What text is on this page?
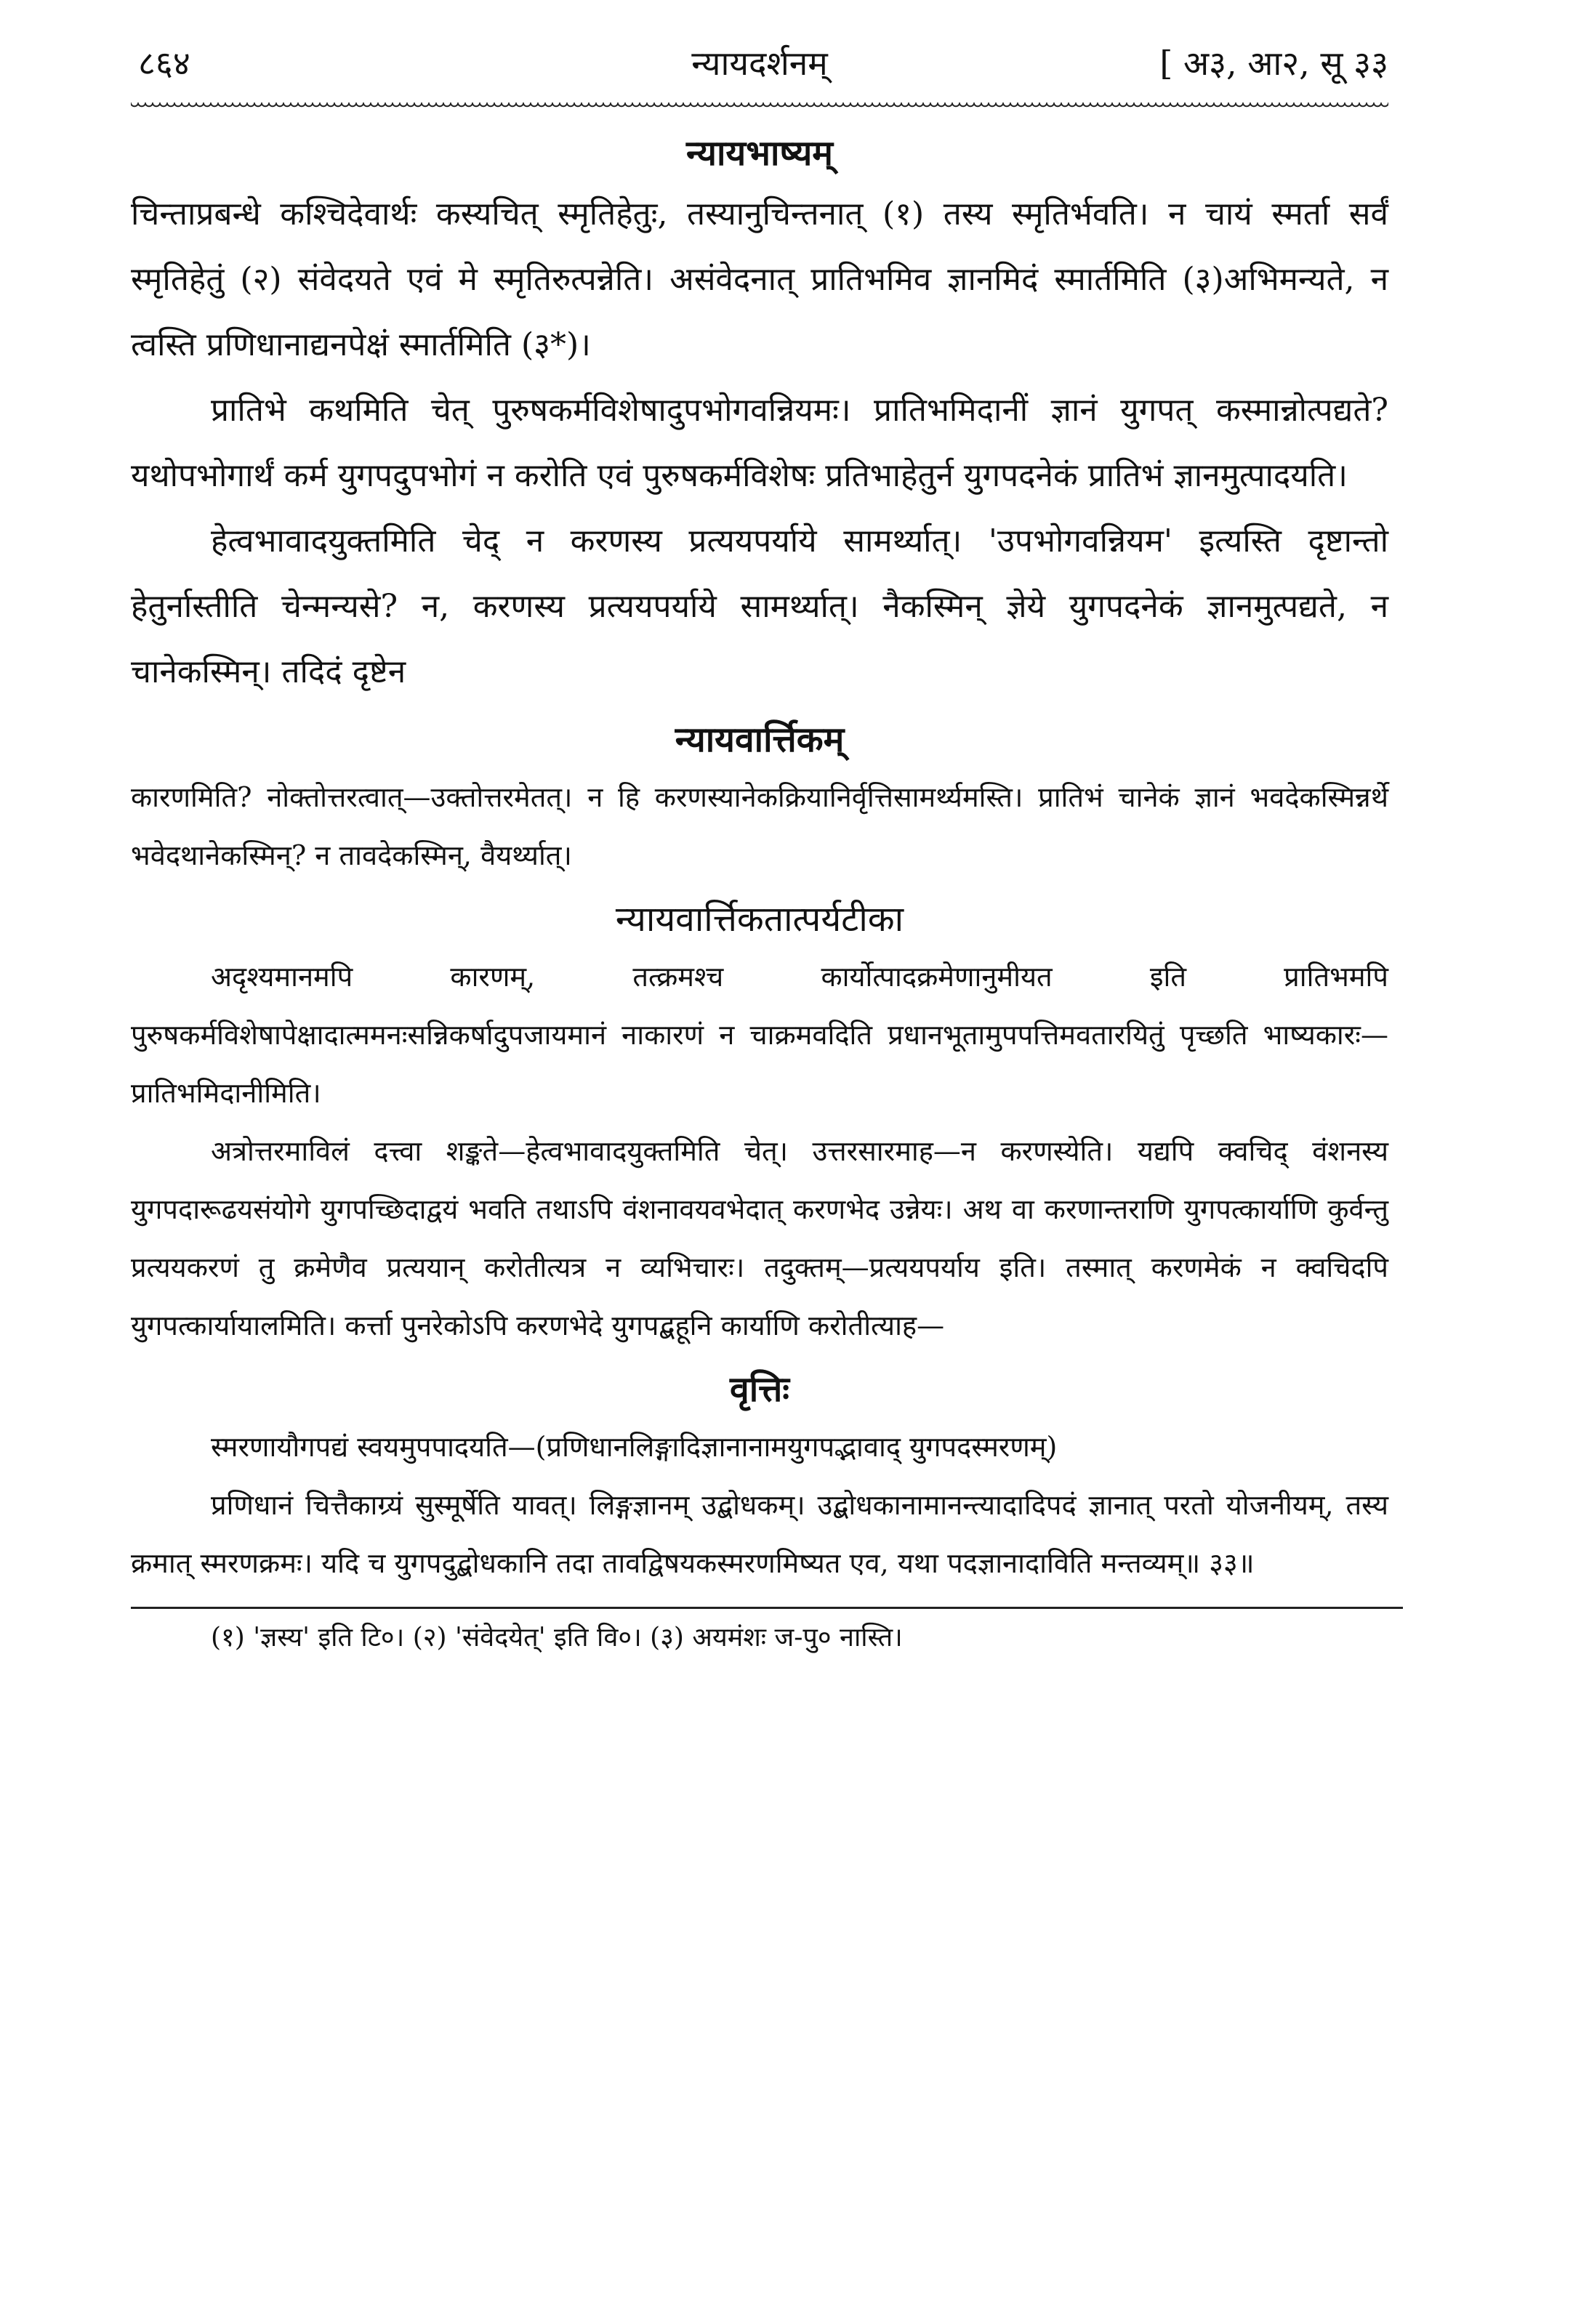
८६४	न्यायदर्शनम्	[ अ३, आ२, सू ३३
न्यायभाष्यम्

चिन्ताप्रबन्धे कश्चिदेवार्थः कस्यचित् स्मृतिहेतुः, तस्यानुचिन्तनात् (१) तस्य स्मृतिर्भवति। न चायं स्मर्ता सर्वं स्मृतिहेतुं (२) संवेदयते एवं मे स्मृतिरुत्पन्नेति। असंवेदनात् प्रातिभमिव ज्ञानमिदं स्मार्तमिति (३)अभिमन्यते, न त्वस्ति प्रणिधानाद्यनपेक्षं स्मार्तमिति (३*)।

प्रातिभे कथमिति चेत् पुरुषकर्मविशेषादुपभोगवन्नियमः। प्रातिभमिदानीं ज्ञानं युगपत् कस्मान्नोत्पद्यते? यथोपभोगार्थं कर्म युगपदुपभोगं न करोति एवं पुरुषकर्मविशेषः प्रतिभाहेतुर्न युगपदनेकं प्रातिभं ज्ञानमुत्पादयति।

हेत्वभावादयुक्तमिति चेद् न करणस्य प्रत्ययपर्याये सामर्थ्यात्। 'उपभोगवन्नियम' इत्यस्ति दृष्टान्तो हेतुर्नास्तीति चेन्मन्यसे? न, करणस्य प्रत्ययपर्याये सामर्थ्यात्। नैकस्मिन् ज्ञेये युगपदनेकं ज्ञानमुत्पद्यते, न चानेकस्मिन्। तदिदं दृष्टेन

न्यायवार्त्तिकम्

कारणमिति? नोक्तोत्तरत्वात्—उक्तोत्तरमेतत्। न हि करणस्यानेकक्रियानिर्वृत्तिसामर्थ्यमस्ति। प्रातिभं चानेकं ज्ञानं भवदेकस्मिन्नर्थे भवेदथानेकस्मिन्? न तावदेकस्मिन्, वैयर्थ्यात्।

न्यायवार्त्तिकतात्पर्यटीका

अदृश्यमानमपि कारणम्, तत्क्रमश्च कार्योत्पादक्रमेणानुमीयत इति प्रातिभमपि पुरुषकर्मविशेषापेक्षादात्ममनःसन्निकर्षादुपजायमानं नाकारणं न चाक्रमवदिति प्रधानभूतामुपपत्तिमवतारयितुं पृच्छति भाष्यकारः—प्रातिभमिदानीमिति।

अत्रोत्तरमाविलं दत्त्वा शङ्कते—हेत्वभावादयुक्तमिति चेत्। उत्तरसारमाह—न करणस्येति। यद्यपि क्वचिद् वंशनस्य युगपदारूढयसंयोगे युगपच्छिदाद्वयं भवति तथाऽपि वंशनावयवभेदात् करणभेद उन्नेयः। अथ वा करणान्तराणि युगपत्कार्याणि कुर्वन्तु प्रत्ययकरणं तु क्रमेणैव प्रत्ययान् करोतीत्यत्र न व्यभिचारः। तदुक्तम्—प्रत्ययपर्याय इति। तस्मात् करणमेकं न क्वचिदपि युगपत्कार्यायालमिति। कर्त्ता पुनरेकोऽपि करणभेदे युगपद्बहूनि कार्याणि करोतीत्याह—

वृत्तिः

स्मरणायौगपद्यं स्वयमुपपादयति—(प्रणिधानलिङ्गादिज्ञानानामयुगपद्भावाद् युगपदस्मरणम्)

प्रणिधानं चित्तैकाग्र्यं सुस्मूर्षेति यावत्। लिङ्गज्ञानम् उद्बोधकम्। उद्बोधकानामानन्त्यादादिपदं ज्ञानात् परतो योजनीयम्, तस्य क्रमात् स्मरणक्रमः। यदि च युगपदुद्बोधकानि तदा तावद्विषयकस्मरणमिष्यत एव, यथा पदज्ञानादाविति मन्तव्यम्॥ ३३॥

(१) 'ज्ञस्य' इति टि०। (२) 'संवेदयेत्' इति वि०। (३) अयमंशः ज-पु० नास्ति।
